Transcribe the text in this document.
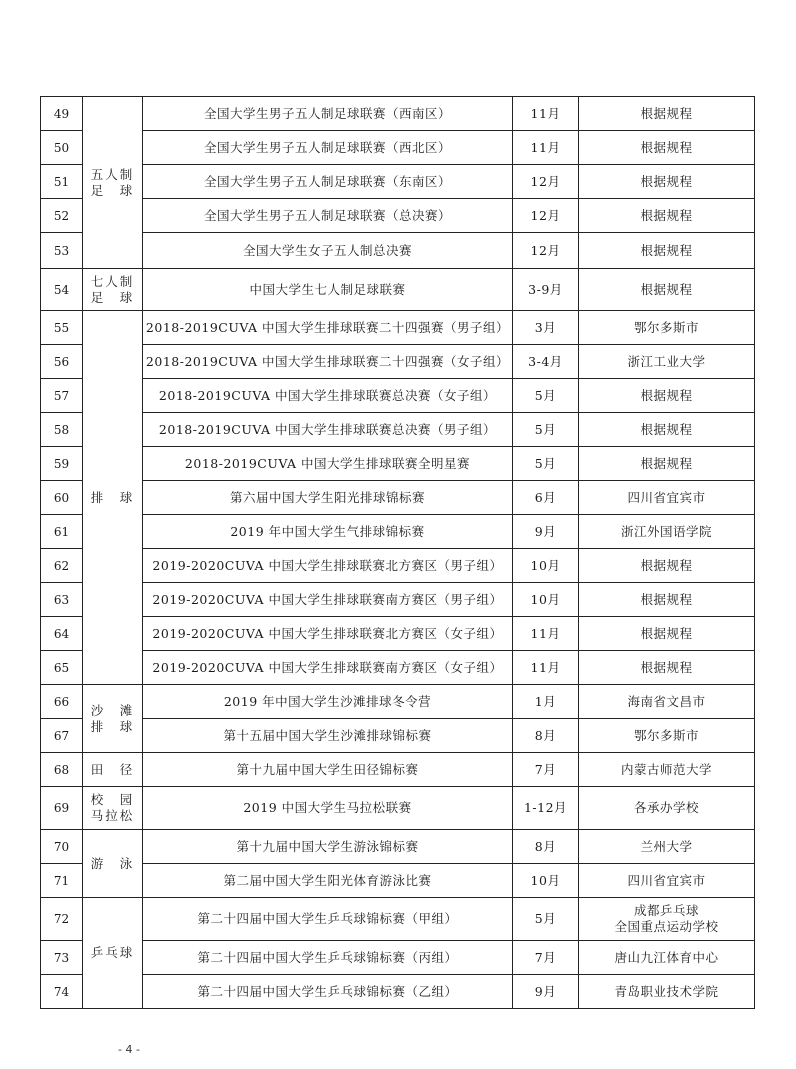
49	五人制足　球	全国大学生男子五人制足球联赛（西南区）	11月	根据规程
50		全国大学生男子五人制足球联赛（西北区）	11月	根据规程
51		全国大学生男子五人制足球联赛（东南区）	12月	根据规程
52		全国大学生男子五人制足球联赛（总决赛）	12月	根据规程
53		全国大学生女子五人制总决赛	12月	根据规程
54	七人制足　球	中国大学生七人制足球联赛	3-9月	根据规程
55	排　球	2018-2019CUVA 中国大学生排球联赛二十四强赛（男子组）	3月	鄂尔多斯市
56		2018-2019CUVA 中国大学生排球联赛二十四强赛（女子组）	3-4月	浙江工业大学
57		2018-2019CUVA 中国大学生排球联赛总决赛（女子组）	5月	根据规程
58		2018-2019CUVA 中国大学生排球联赛总决赛（男子组）	5月	根据规程
59		2018-2019CUVA 中国大学生排球联赛全明星赛	5月	根据规程
60		第六届中国大学生阳光排球锦标赛	6月	四川省宜宾市
61		2019 年中国大学生气排球锦标赛	9月	浙江外国语学院
62		2019-2020CUVA 中国大学生排球联赛北方赛区（男子组）	10月	根据规程
63		2019-2020CUVA 中国大学生排球联赛南方赛区（男子组）	10月	根据规程
64		2019-2020CUVA 中国大学生排球联赛北方赛区（女子组）	11月	根据规程
65		2019-2020CUVA 中国大学生排球联赛南方赛区（女子组）	11月	根据规程
66	沙　滩排　球	2019 年中国大学生沙滩排球冬令营	1月	海南省文昌市
67		第十五届中国大学生沙滩排球锦标赛	8月	鄂尔多斯市
68	田　径	第十九届中国大学生田径锦标赛	7月	内蒙古师范大学
69	校　园马拉松	2019 中国大学生马拉松联赛	1-12月	各承办学校
70	游　泳	第十九届中国大学生游泳锦标赛	8月	兰州大学
71		第二届中国大学生阳光体育游泳比赛	10月	四川省宜宾市
72	乒乓球	第二十四届中国大学生乒乓球锦标赛（甲组）	5月	成都乒乓球
全国重点运动学校

73		第二十四届中国大学生乒乓球锦标赛（丙组）	7月	唐山九江体育中心
74		第二十四届中国大学生乒乓球锦标赛（乙组）	9月	青岛职业技术学院
- 4 -
